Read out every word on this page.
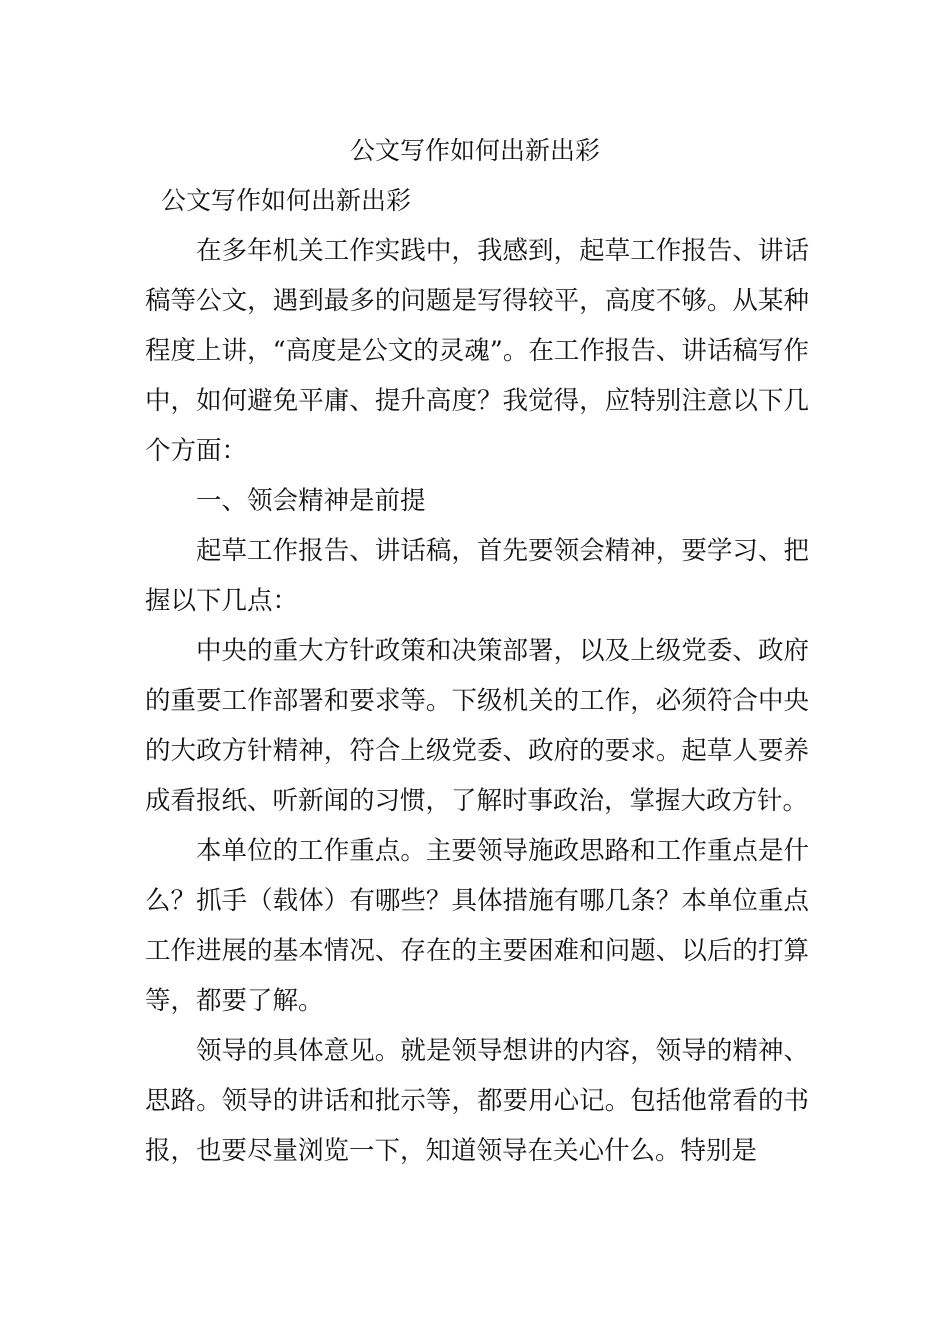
公文写作如何出新出彩

公文写作如何出新出彩

在多年机关工作实践中，我感到，起草工作报告、讲话稿等公文，遇到最多的问题是写得较平，高度不够。从某种程度上讲，“高度是公文的灵魂”。在工作报告、讲话稿写作中，如何避免平庸、提升高度？我觉得，应特别注意以下几个方面：

一、领会精神是前提

起草工作报告、讲话稿，首先要领会精神，要学习、把握以下几点：

中央的重大方针政策和决策部署，以及上级党委、政府的重要工作部署和要求等。下级机关的工作，必须符合中央的大政方针精神，符合上级党委、政府的要求。起草人要养成看报纸、听新闻的习惯，了解时事政治，掌握大政方针。

本单位的工作重点。主要领导施政思路和工作重点是什么？抓手（载体）有哪些？具体措施有哪几条？本单位重点工作进展的基本情况、存在的主要困难和问题、以后的打算等，都要了解。

领导的具体意见。就是领导想讲的内容，领导的精神、思路。领导的讲话和批示等，都要用心记。包括他常看的书报，也要尽量浏览一下，知道领导在关心什么。特别是
